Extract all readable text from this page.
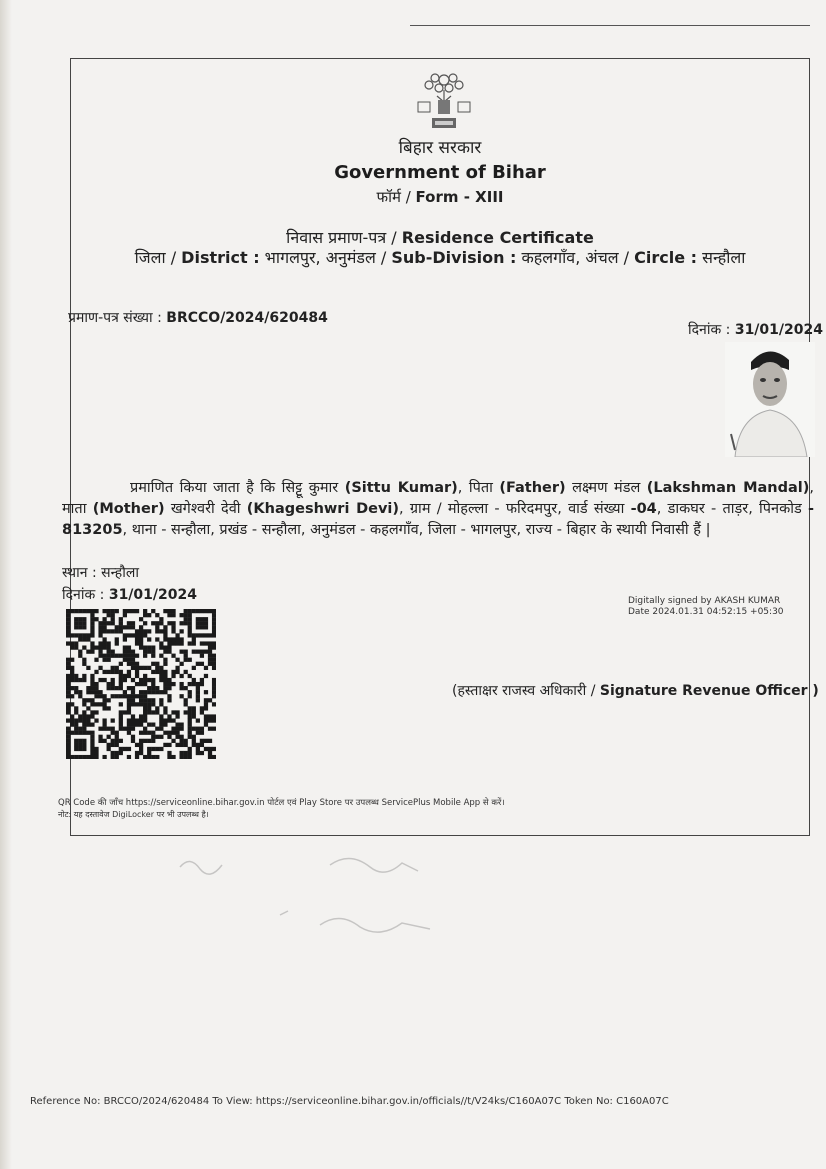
बिहार सरकार
Government of Bihar
फॉर्म / Form - XIII
निवास प्रमाण-पत्र / Residence Certificate
जिला / District : भागलपुर, अनुमंडल / Sub-Division : कहलगाँव, अंचल / Circle : सन्हौला
प्रमाण-पत्र संख्या : BRCCO/2024/620484
दिनांक : 31/01/2024
प्रमाणित किया जाता है कि सिट्टू कुमार (Sittu Kumar), पिता (Father) लक्ष्मण मंडल (Lakshman Mandal), माता (Mother) खगेश्वरी देवी (Khageshwri Devi), ग्राम / मोहल्ला - फरिदमपुर, वार्ड संख्या -04, डाकघर - ताड़र, पिनकोड - 813205, थाना - सन्हौला, प्रखंड - सन्हौला, अनुमंडल - कहलगाँव, जिला - भागलपुर, राज्य - बिहार के स्थायी निवासी हैं |
स्थान : सन्हौला
दिनांक : 31/01/2024	Digitally signed by AKASH KUMAR
Date 2024.01.31 04:52:15 +05:30
(हस्ताक्षर राजस्व अधिकारी / Signature Revenue Officer )
QR Code की जाँच https://serviceonline.bihar.gov.in पोर्टल एवं Play Store पर उपलब्ध ServicePlus Mobile App से करें।
नोट: यह दस्तावेज DigiLocker पर भी उपलब्ध है।
Reference No: BRCCO/2024/620484 To View: https://serviceonline.bihar.gov.in/officials//t/V24ks/C160A07C Token No: C160A07C
